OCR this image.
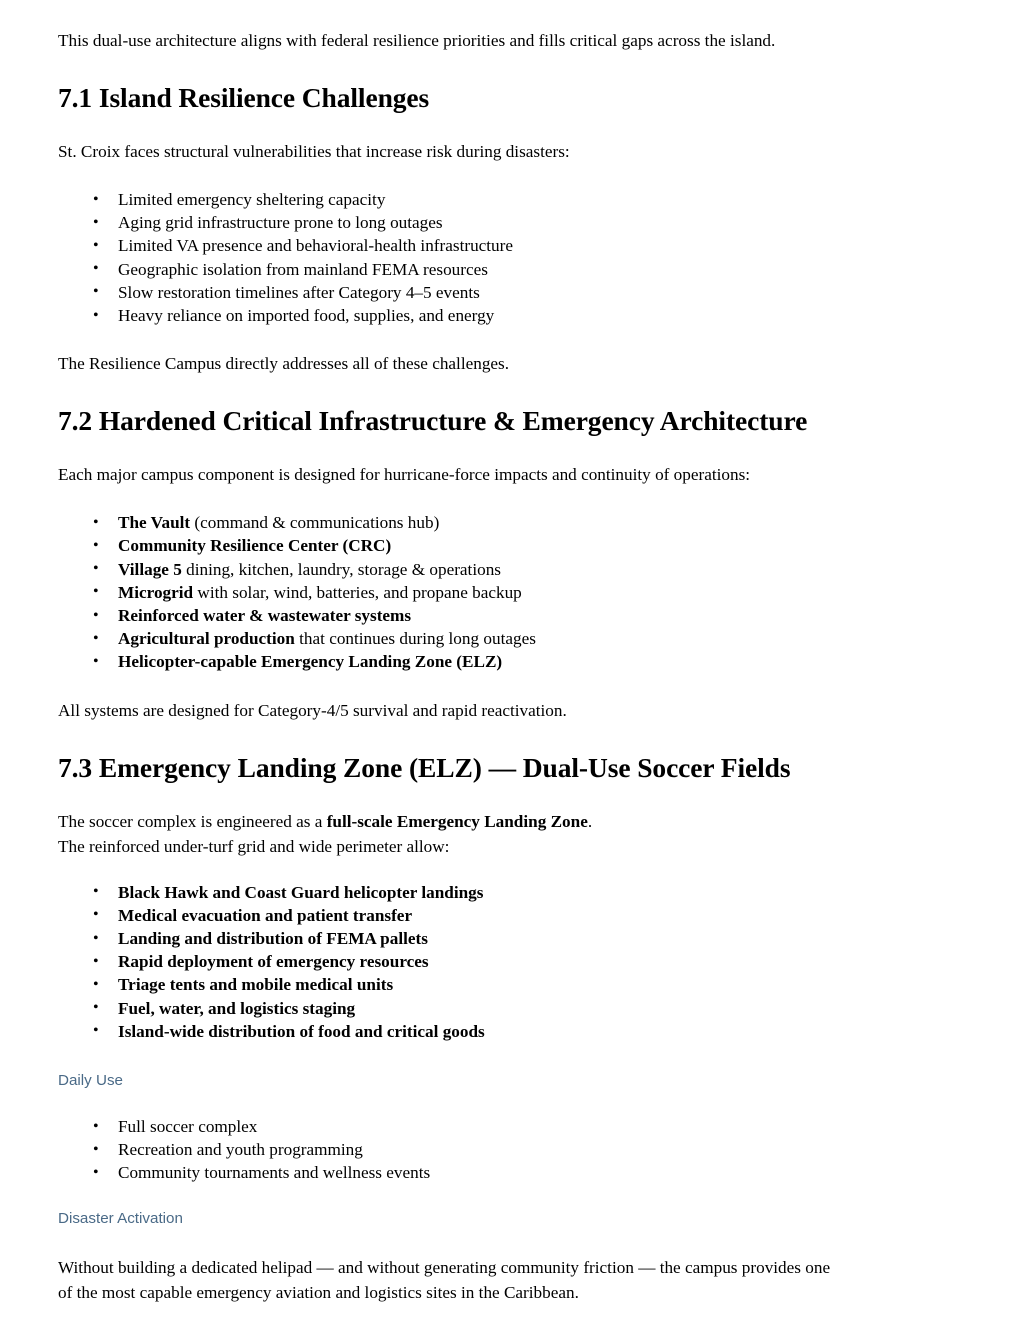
This dual-use architecture aligns with federal resilience priorities and fills critical gaps across the island.

7.1 Island Resilience Challenges

St. Croix faces structural vulnerabilities that increase risk during disasters:

• Limited emergency sheltering capacity
• Aging grid infrastructure prone to long outages
• Limited VA presence and behavioral-health infrastructure
• Geographic isolation from mainland FEMA resources
• Slow restoration timelines after Category 4–5 events
• Heavy reliance on imported food, supplies, and energy

The Resilience Campus directly addresses all of these challenges.

7.2 Hardened Critical Infrastructure & Emergency Architecture

Each major campus component is designed for hurricane-force impacts and continuity of operations:

• The Vault (command & communications hub)
• Community Resilience Center (CRC)
• Village 5 dining, kitchen, laundry, storage & operations
• Microgrid with solar, wind, batteries, and propane backup
• Reinforced water & wastewater systems
• Agricultural production that continues during long outages
• Helicopter-capable Emergency Landing Zone (ELZ)

All systems are designed for Category-4/5 survival and rapid reactivation.

7.3 Emergency Landing Zone (ELZ) — Dual-Use Soccer Fields

The soccer complex is engineered as a full-scale Emergency Landing Zone.
The reinforced under-turf grid and wide perimeter allow:

• Black Hawk and Coast Guard helicopter landings
• Medical evacuation and patient transfer
• Landing and distribution of FEMA pallets
• Rapid deployment of emergency resources
• Triage tents and mobile medical units
• Fuel, water, and logistics staging
• Island-wide distribution of food and critical goods
Daily Use
• Full soccer complex
• Recreation and youth programming
• Community tournaments and wellness events
Disaster Activation

Without building a dedicated helipad — and without generating community friction — the campus provides one
of the most capable emergency aviation and logistics sites in the Caribbean.
